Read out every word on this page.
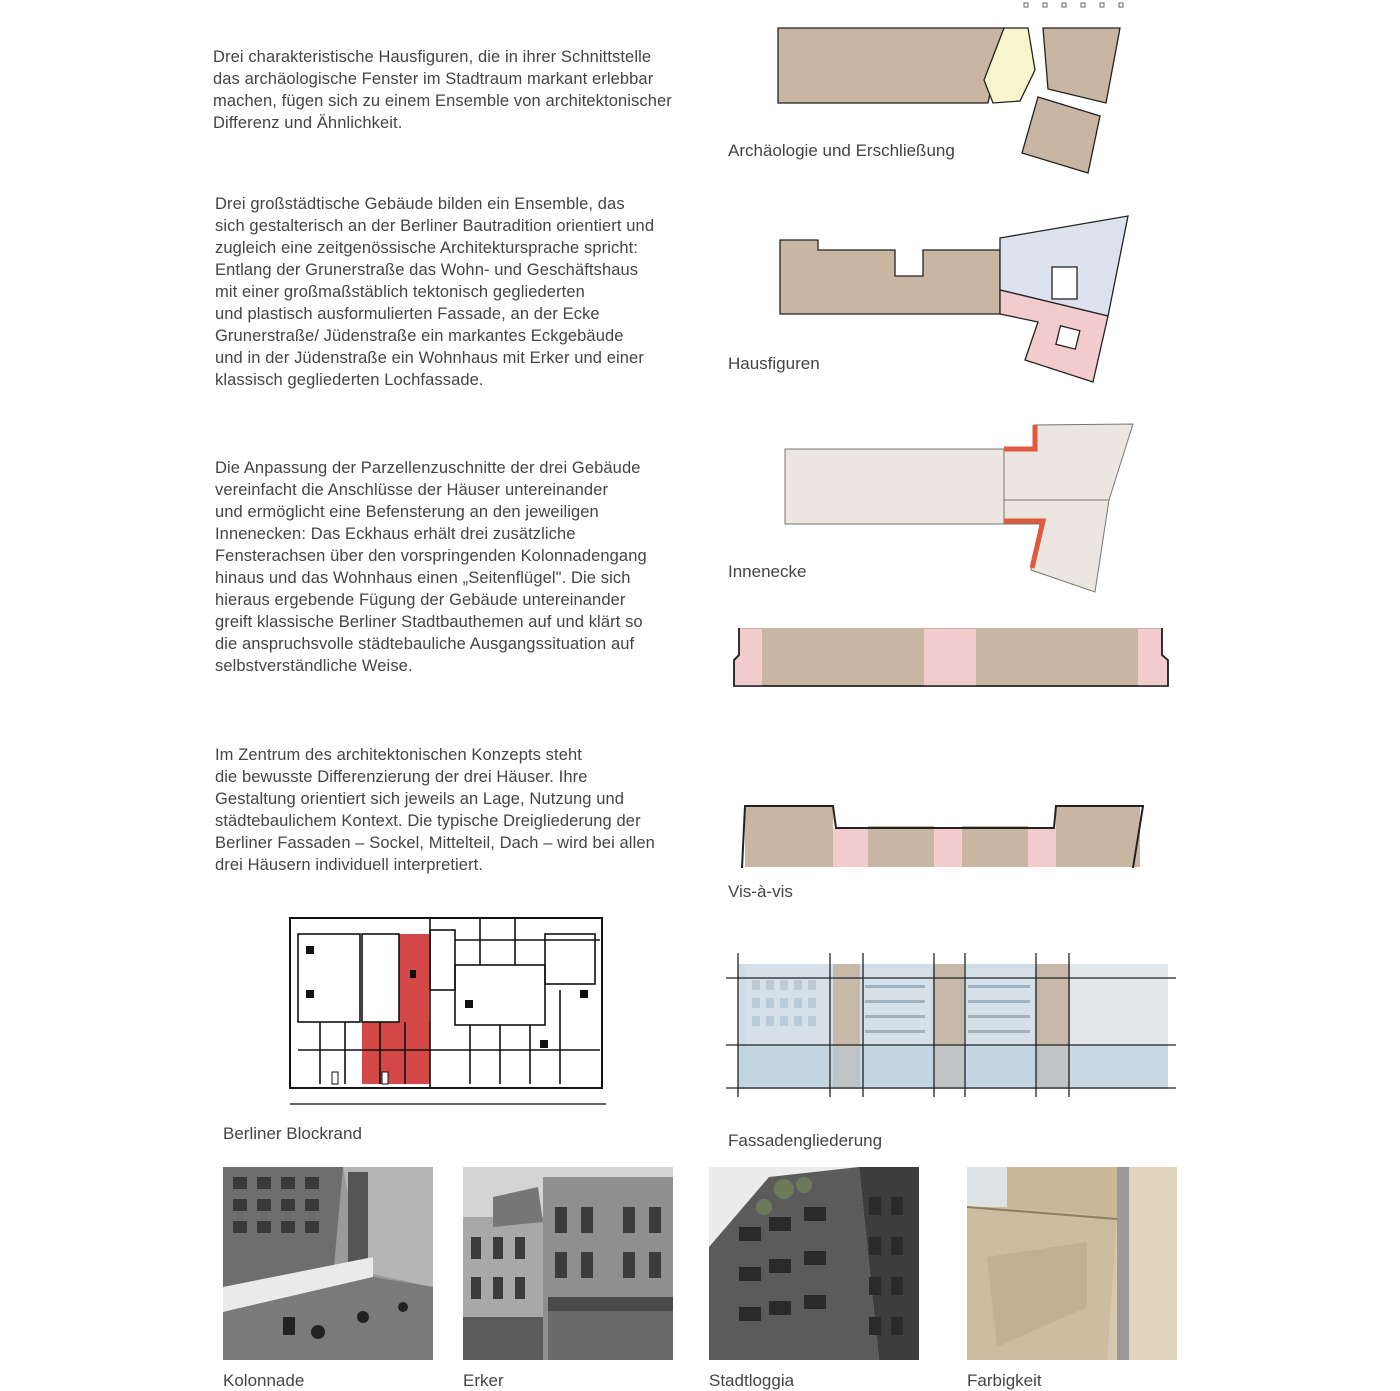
Drei charakteristische Hausfiguren, die in ihrer Schnittstelle
das archäologische Fenster im Stadtraum markant erlebbar
machen, fügen sich zu einem Ensemble von architektonischer
Differenz und Ähnlichkeit.
Drei großstädtische Gebäude bilden ein Ensemble, das
sich gestalterisch an der Berliner Bautradition orientiert und
zugleich eine zeitgenössische Architektursprache spricht:
Entlang der Grunerstraße das Wohn- und Geschäftshaus
mit einer großmaßstäblich tektonisch gegliederten
und plastisch ausformulierten Fassade, an der Ecke
Grunerstraße/ Jüdenstraße ein markantes Eckgebäude
und in der Jüdenstraße ein Wohnhaus mit Erker und einer
klassisch gegliederten Lochfassade.
Die Anpassung der Parzellenzuschnitte der drei Gebäude
vereinfacht die Anschlüsse der Häuser untereinander
und ermöglicht eine Befensterung an den jeweiligen
Innenecken: Das Eckhaus erhält drei zusätzliche
Fensterachsen über den vorspringenden Kolonnadengang
hinaus und das Wohnhaus einen „Seitenflügel". Die sich
hieraus ergebende Fügung der Gebäude untereinander
greift klassische Berliner Stadtbauthemen auf und klärt so
die anspruchsvolle städtebauliche Ausgangssituation auf
selbstverständliche Weise.
Im Zentrum des architektonischen Konzepts steht
die bewusste Differenzierung der drei Häuser. Ihre
Gestaltung orientiert sich jeweils an Lage, Nutzung und
städtebaulichem Kontext. Die typische Dreigliederung der
Berliner Fassaden – Sockel, Mittelteil, Dach – wird bei allen
drei Häusern individuell interpretiert.
Archäologie und Erschließung
Hausfiguren
Innenecke
Vis-à-vis
Fassadengliederung
Berliner Blockrand
Kolonnade	Erker	Stadtloggia	Farbigkeit
